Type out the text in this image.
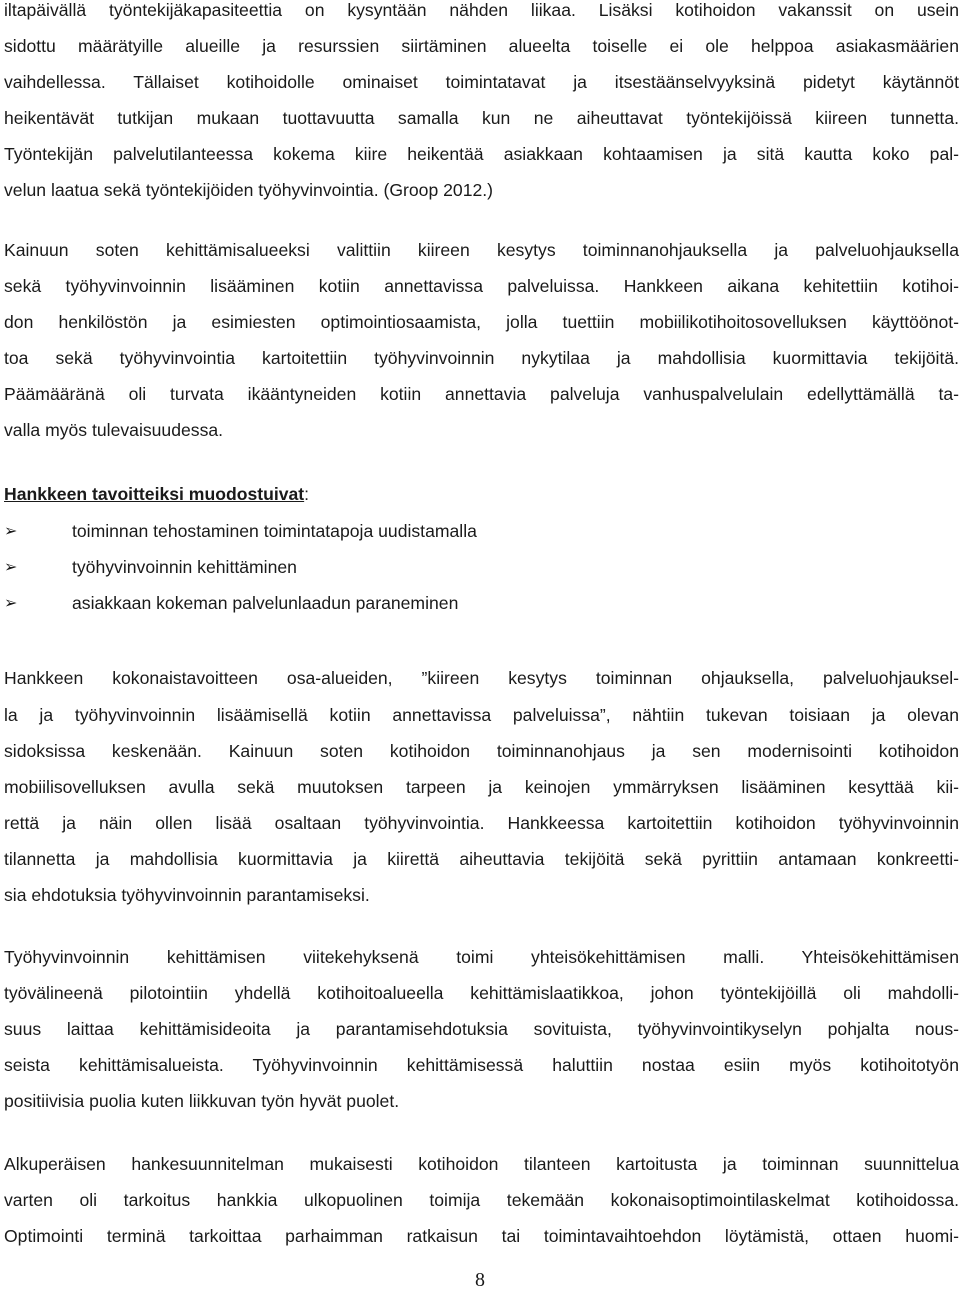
iltapäivällä työntekijäkapasiteettia on kysyntään nähden liikaa. Lisäksi kotihoidon vakanssit on usein
sidottu määrätyille alueille ja resurssien siirtäminen alueelta toiselle ei ole helppoa asiakasmäärien
vaihdellessa. Tällaiset kotihoidolle ominaiset toimintatavat ja itsestäänselvyyksinä pidetyt käytännöt
heikentävät tutkijan mukaan tuottavuutta samalla kun ne aiheuttavat työntekijöissä kiireen tunnetta.
Työntekijän palvelutilanteessa kokema kiire heikentää asiakkaan kohtaamisen ja sitä kautta koko pal-
velun laatua sekä työntekijöiden työhyvinvointia. (Groop 2012.)
Kainuun soten kehittämisalueeksi valittiin kiireen kesytys toiminnanohjauksella ja palveluohjauksella
sekä työhyvinvoinnin lisääminen kotiin annettavissa palveluissa. Hankkeen aikana kehitettiin kotihoi-
don henkilöstön ja esimiesten optimointiosaamista, jolla tuettiin mobiilikotihoitosovelluksen käyttöönot-
toa sekä työhyvinvointia kartoitettiin työhyvinvoinnin nykytilaa ja mahdollisia kuormittavia tekijöitä.
Päämääränä oli turvata ikääntyneiden kotiin annettavia palveluja vanhuspalvelulain edellyttämällä ta-
valla myös tulevaisuudessa.
Hankkeen tavoitteiksi muodostuivat:
➢	toiminnan tehostaminen toimintatapoja uudistamalla
➢	työhyvinvoinnin kehittäminen
➢	asiakkaan kokeman palvelunlaadun paraneminen
Hankkeen kokonaistavoitteen osa-alueiden, ”kiireen kesytys toiminnan ohjauksella, palveluohjauksel-
la ja työhyvinvoinnin lisäämisellä kotiin annettavissa palveluissa”, nähtiin tukevan toisiaan ja olevan
sidoksissa keskenään. Kainuun soten kotihoidon toiminnanohjaus ja sen modernisointi kotihoidon
mobiilisovelluksen avulla sekä muutoksen tarpeen ja keinojen ymmärryksen lisääminen kesyttää kii-
rettä ja näin ollen lisää osaltaan työhyvinvointia. Hankkeessa kartoitettiin kotihoidon työhyvinvoinnin
tilannetta ja mahdollisia kuormittavia ja kiirettä aiheuttavia tekijöitä sekä pyrittiin antamaan konkreetti-
sia ehdotuksia työhyvinvoinnin parantamiseksi.
Työhyvinvoinnin kehittämisen viitekehyksenä toimi yhteisökehittämisen malli. Yhteisökehittämisen
työvälineenä pilotointiin yhdellä kotihoitoalueella kehittämislaatikkoa, johon työntekijöillä oli mahdolli-
suus laittaa kehittämisideoita ja parantamisehdotuksia sovituista, työhyvinvointikyselyn pohjalta nous-
seista kehittämisalueista. Työhyvinvoinnin kehittämisessä haluttiin nostaa esiin myös kotihoitotyön
positiivisia puolia kuten liikkuvan työn hyvät puolet.
Alkuperäisen hankesuunnitelman mukaisesti kotihoidon tilanteen kartoitusta ja toiminnan suunnittelua
varten oli tarkoitus hankkia ulkopuolinen toimija tekemään kokonaisoptimointilaskelmat kotihoidossa.
Optimointi terminä tarkoittaa parhaimman ratkaisun tai toimintavaihtoehdon löytämistä, ottaen huomi-
8
